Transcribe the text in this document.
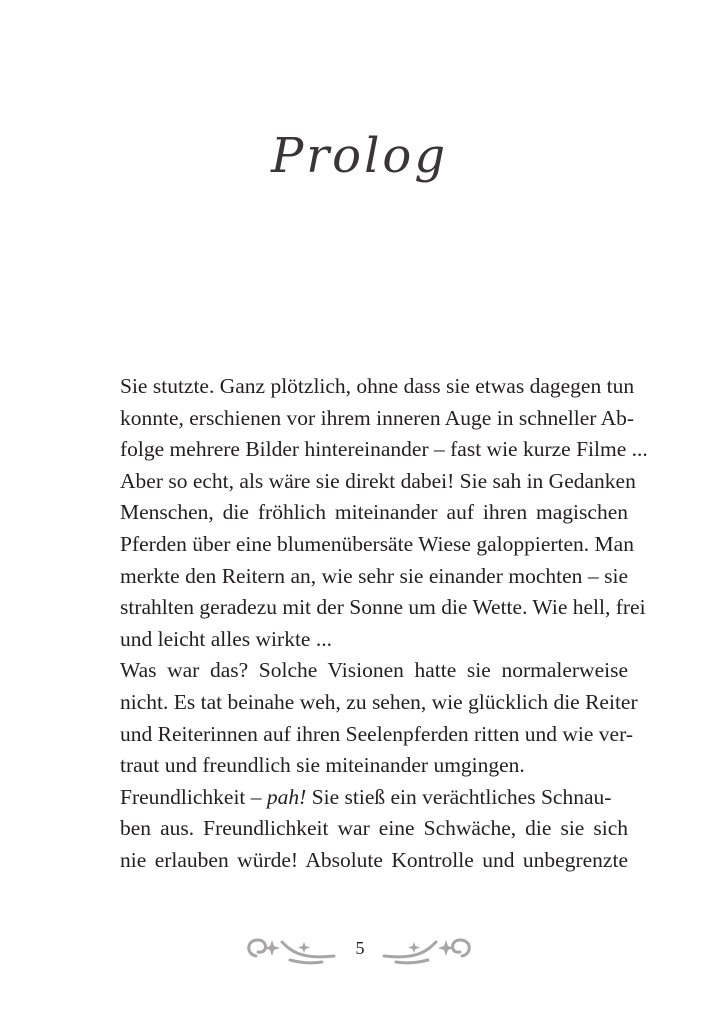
Prolog
Sie stutzte. Ganz plötzlich, ohne dass sie etwas dagegen tun
konnte, erschienen vor ihrem inneren Auge in schneller Ab-
folge mehrere Bilder hintereinander – fast wie kurze Filme ...
Aber so echt, als wäre sie direkt dabei! Sie sah in Gedanken
Menschen, die fröhlich miteinander auf ihren magischen
Pferden über eine blumenübersäte Wiese galoppierten. Man
merkte den Reitern an, wie sehr sie einander mochten – sie
strahlten geradezu mit der Sonne um die Wette. Wie hell, frei
und leicht alles wirkte ...
Was war das? Solche Visionen hatte sie normalerweise
nicht. Es tat beinahe weh, zu sehen, wie glücklich die Reiter
und Reiterinnen auf ihren Seelenpferden ritten und wie ver-
traut und freundlich sie miteinander umgingen.
Freundlichkeit – pah! Sie stieß ein verächtliches Schnau-
ben aus. Freundlichkeit war eine Schwäche, die sie sich
nie erlauben würde! Absolute Kontrolle und unbegrenzte
5
